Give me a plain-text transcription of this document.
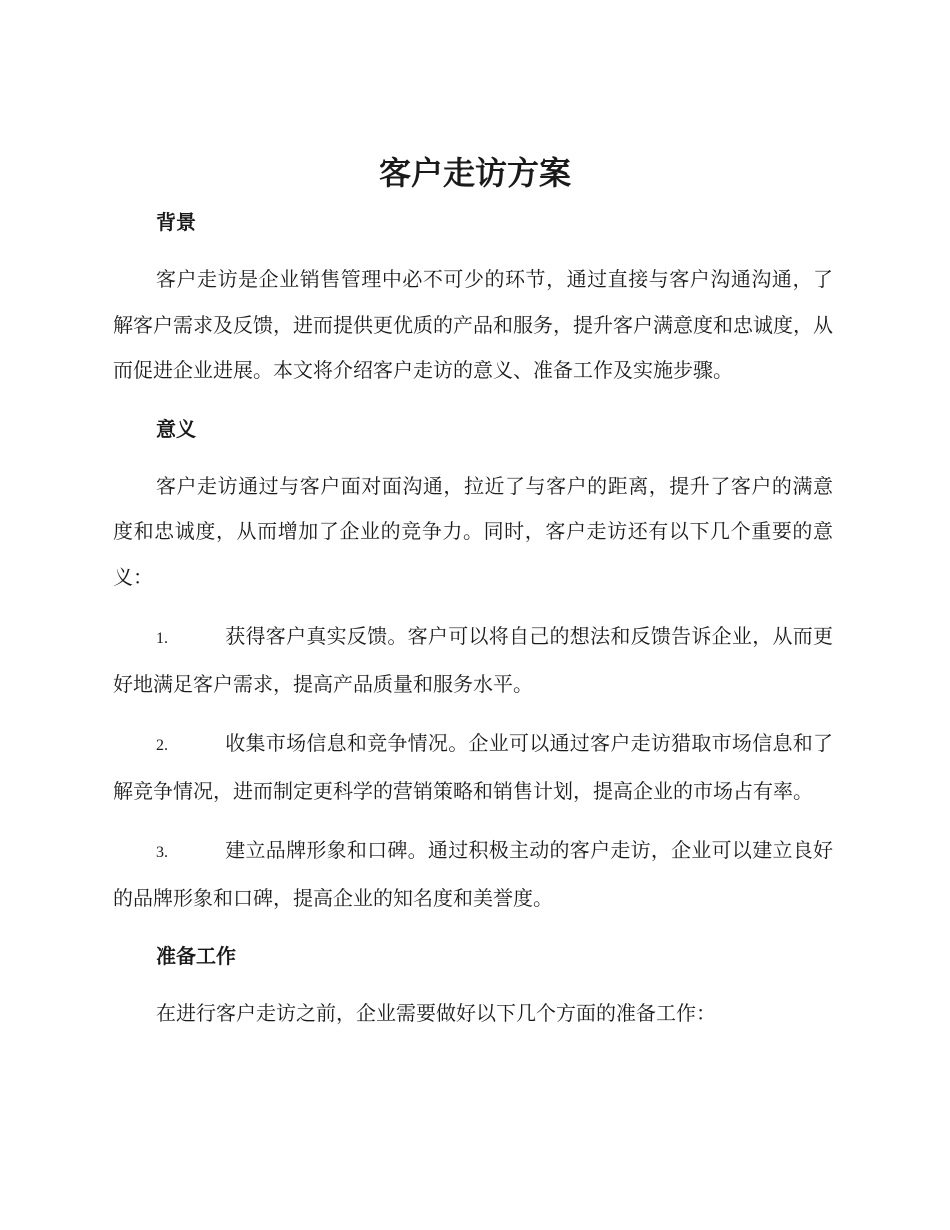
客户走访方案
背景

客户走访是企业销售管理中必不可少的环节，通过直接与客户沟通沟通，了解客户需求及反馈，进而提供更优质的产品和服务，提升客户满意度和忠诚度，从而促进企业进展。本文将介绍客户走访的意义、准备工作及实施步骤。

意义

客户走访通过与客户面对面沟通，拉近了与客户的距离，提升了客户的满意度和忠诚度，从而增加了企业的竞争力。同时，客户走访还有以下几个重要的意义：

1.	获得客户真实反馈。客户可以将自己的想法和反馈告诉企业，从而更好地满足客户需求，提高产品质量和服务水平。

2.	收集市场信息和竞争情况。企业可以通过客户走访猎取市场信息和了解竞争情况，进而制定更科学的营销策略和销售计划，提高企业的市场占有率。

3.	建立品牌形象和口碑。通过积极主动的客户走访，企业可以建立良好的品牌形象和口碑，提高企业的知名度和美誉度。

准备工作

在进行客户走访之前，企业需要做好以下几个方面的准备工作：
